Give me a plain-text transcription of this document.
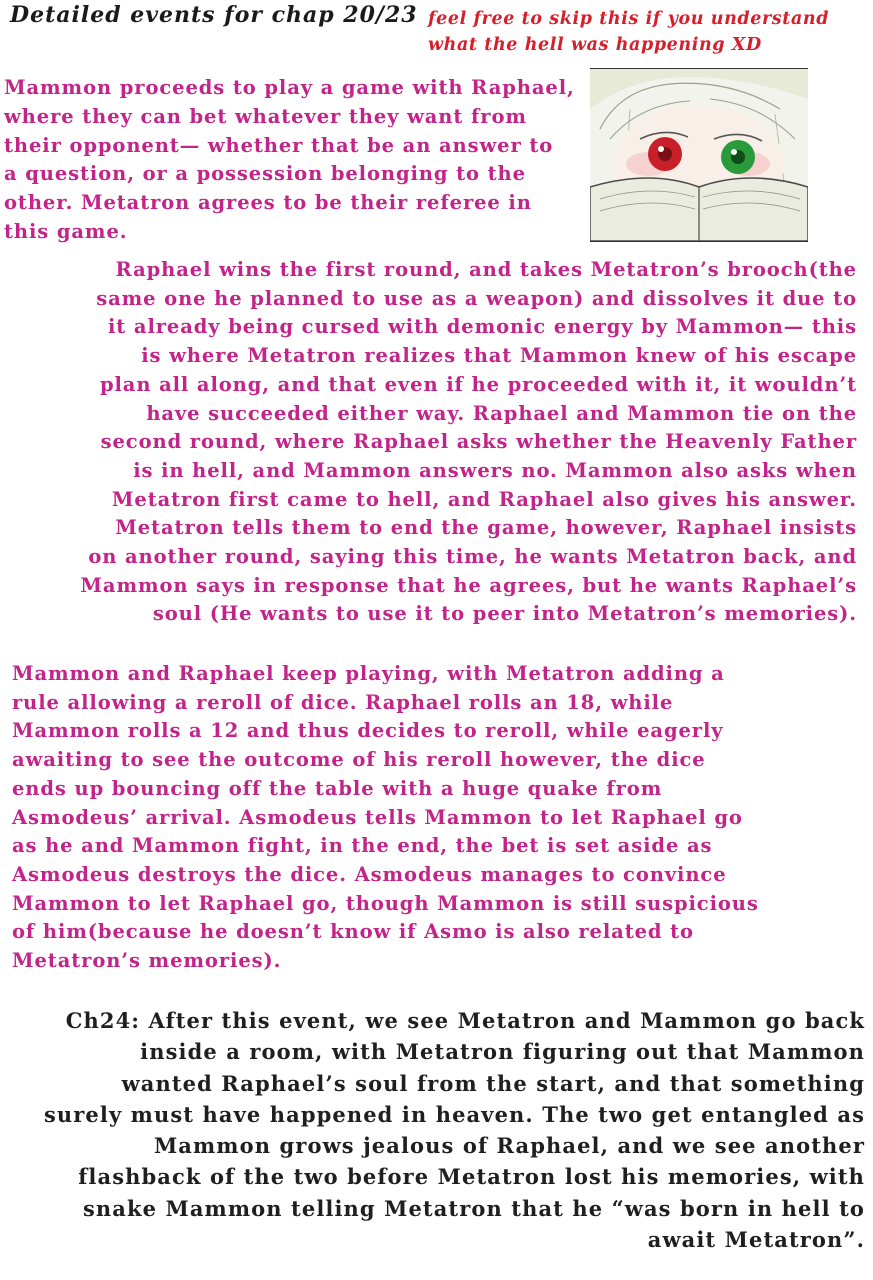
Detailed events for chap 20/23 feel free to skip this if you understand
what the hell was happening XD
Mammon proceeds to play a game with Raphael,
where they can bet whatever they want from
their opponent— whether that be an answer to
a question, or a possession belonging to the
other. Metatron agrees to be their referee in
this game.
Raphael wins the first round, and takes Metatron’s brooch(the
same one he planned to use as a weapon) and dissolves it due to
it already being cursed with demonic energy by Mammon— this
is where Metatron realizes that Mammon knew of his escape
plan all along, and that even if he proceeded with it, it wouldn’t
have succeeded either way. Raphael and Mammon tie on the
second round, where Raphael asks whether the Heavenly Father
is in hell, and Mammon answers no. Mammon also asks when
Metatron first came to hell, and Raphael also gives his answer.
Metatron tells them to end the game, however, Raphael insists
on another round, saying this time, he wants Metatron back, and
Mammon says in response that he agrees, but he wants Raphael’s
soul (He wants to use it to peer into Metatron’s memories).
Mammon and Raphael keep playing, with Metatron adding a
rule allowing a reroll of dice. Raphael rolls an 18, while
Mammon rolls a 12 and thus decides to reroll, while eagerly
awaiting to see the outcome of his reroll however, the dice
ends up bouncing off the table with a huge quake from
Asmodeus’ arrival. Asmodeus tells Mammon to let Raphael go
as he and Mammon fight, in the end, the bet is set aside as
Asmodeus destroys the dice. Asmodeus manages to convince
Mammon to let Raphael go, though Mammon is still suspicious
of him(because he doesn’t know if Asmo is also related to
Metatron’s memories).
Ch24: After this event, we see Metatron and Mammon go back
inside a room, with Metatron figuring out that Mammon
wanted Raphael’s soul from the start, and that something
surely must have happened in heaven. The two get entangled as
Mammon grows jealous of Raphael, and we see another
flashback of the two before Metatron lost his memories, with
snake Mammon telling Metatron that he “was born in hell to
await Metatron”.
